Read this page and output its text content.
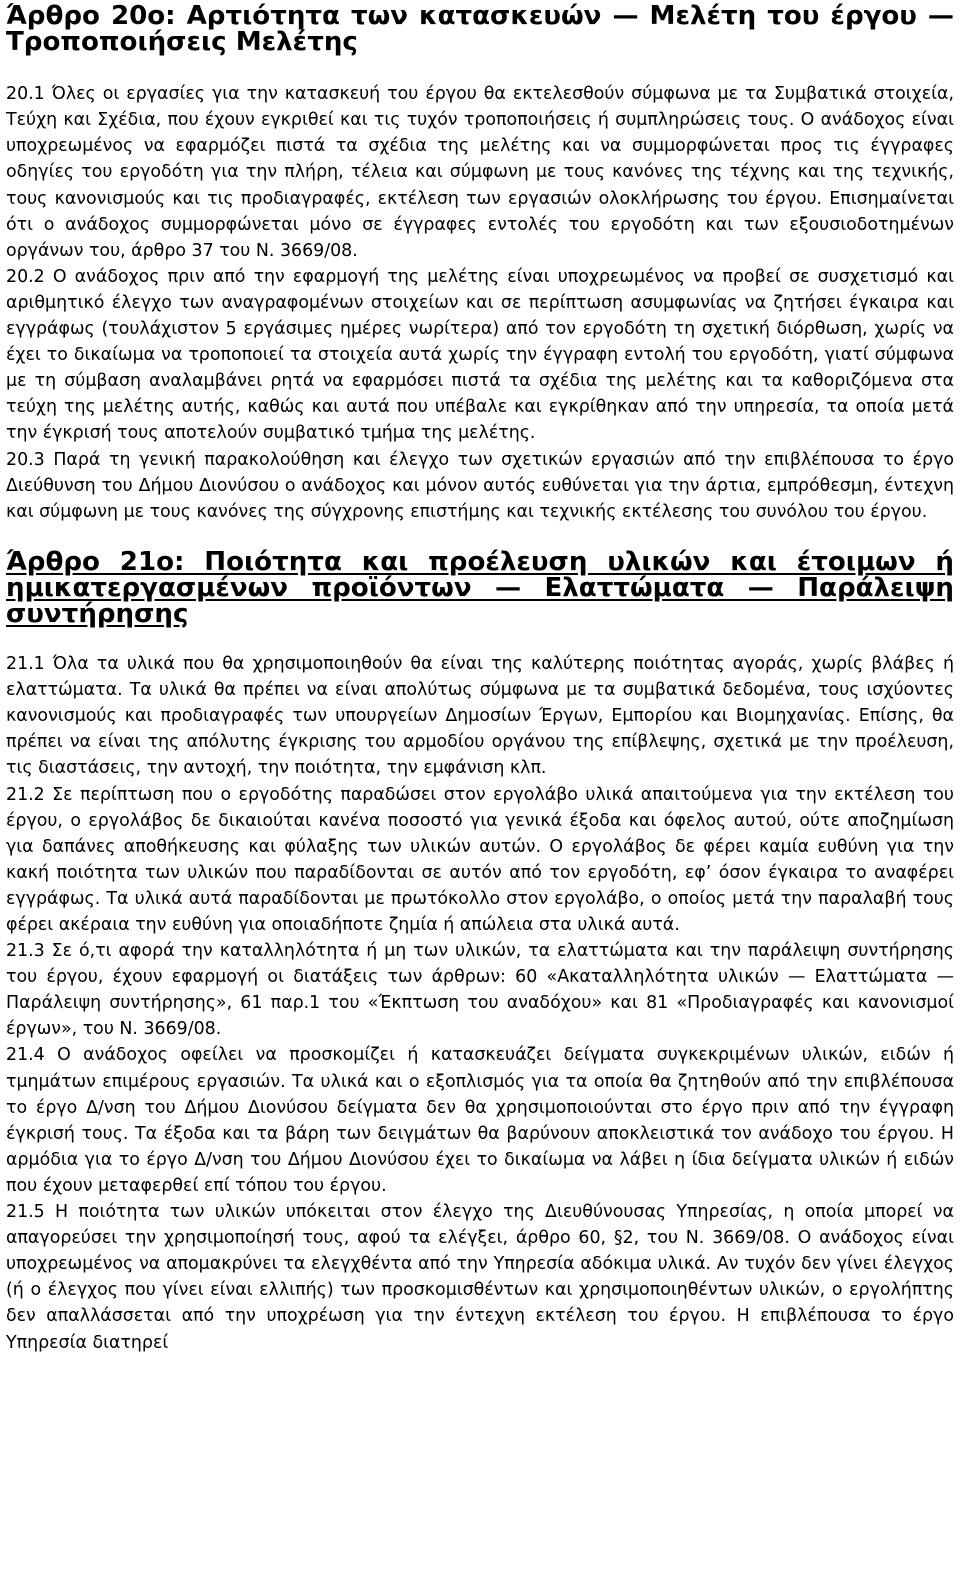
Άρθρο 20ο: Αρτιότητα των κατασκευών — Μελέτη του έργου — Τροποποιήσεις Μελέτης

20.1 Όλες οι εργασίες για την κατασκευή του έργου θα εκτελεσθούν σύμφωνα με τα Συμβατικά στοιχεία, Τεύχη και Σχέδια, που έχουν εγκριθεί και τις τυχόν τροποποιήσεις ή συμπληρώσεις τους. Ο ανάδοχος είναι υποχρεωμένος να εφαρμόζει πιστά τα σχέδια της μελέτης και να συμμορφώνεται προς τις έγγραφες οδηγίες του εργοδότη για την πλήρη, τέλεια και σύμφωνη με τους κανόνες της τέχνης και της τεχνικής, τους κανονισμούς και τις προδιαγραφές, εκτέλεση των εργασιών ολοκλήρωσης του έργου. Επισημαίνεται ότι ο ανάδοχος συμμορφώνεται μόνο σε έγγραφες εντολές του εργοδότη και των εξουσιοδοτημένων οργάνων του, άρθρο 37 του Ν. 3669/08.

20.2 Ο ανάδοχος πριν από την εφαρμογή της μελέτης είναι υποχρεωμένος να προβεί σε συσχετισμό και αριθμητικό έλεγχο των αναγραφομένων στοιχείων και σε περίπτωση ασυμφωνίας να ζητήσει έγκαιρα και εγγράφως (τουλάχιστον 5 εργάσιμες ημέρες νωρίτερα) από τον εργοδότη τη σχετική διόρθωση, χωρίς να έχει το δικαίωμα να τροποποιεί τα στοιχεία αυτά χωρίς την έγγραφη εντολή του εργοδότη, γιατί σύμφωνα με τη σύμβαση αναλαμβάνει ρητά να εφαρμόσει πιστά τα σχέδια της μελέτης και τα καθοριζόμενα στα τεύχη της μελέτης αυτής, καθώς και αυτά που υπέβαλε και εγκρίθηκαν από την υπηρεσία, τα οποία μετά την έγκρισή τους αποτελούν συμβατικό τμήμα της μελέτης.

20.3 Παρά τη γενική παρακολούθηση και έλεγχο των σχετικών εργασιών από την επιβλέπουσα το έργο Διεύθυνση του Δήμου Διονύσου ο ανάδοχος και μόνον αυτός ευθύνεται για την άρτια, εμπρόθεσμη, έντεχνη και σύμφωνη με τους κανόνες της σύγχρονης επιστήμης και τεχνικής εκτέλεσης του συνόλου του έργου.

Άρθρο 21ο: Ποιότητα και προέλευση υλικών και έτοιμων ή ημικατεργασμένων προϊόντων — Ελαττώματα — Παράλειψη συντήρησης

21.1 Όλα τα υλικά που θα χρησιμοποιηθούν θα είναι της καλύτερης ποιότητας αγοράς, χωρίς βλάβες ή ελαττώματα. Τα υλικά θα πρέπει να είναι απολύτως σύμφωνα με τα συμβατικά δεδομένα, τους ισχύοντες κανονισμούς και προδιαγραφές των υπουργείων Δημοσίων Έργων, Εμπορίου και Βιομηχανίας. Επίσης, θα πρέπει να είναι της απόλυτης έγκρισης του αρμοδίου οργάνου της επίβλεψης, σχετικά με την προέλευση, τις διαστάσεις, την αντοχή, την ποιότητα, την εμφάνιση κλπ.

21.2 Σε περίπτωση που ο εργοδότης παραδώσει στον εργολάβο υλικά απαιτούμενα για την εκτέλεση του έργου, ο εργολάβος δε δικαιούται κανένα ποσοστό για γενικά έξοδα και όφελος αυτού, ούτε αποζημίωση για δαπάνες αποθήκευσης και φύλαξης των υλικών αυτών. Ο εργολάβος δε φέρει καμία ευθύνη για την κακή ποιότητα των υλικών που παραδίδονται σε αυτόν από τον εργοδότη, εφ’ όσον έγκαιρα το αναφέρει εγγράφως. Τα υλικά αυτά παραδίδονται με πρωτόκολλο στον εργολάβο, ο οποίος μετά την παραλαβή τους φέρει ακέραια την ευθύνη για οποιαδήποτε ζημία ή απώλεια στα υλικά αυτά.

21.3 Σε ό,τι αφορά την καταλληλότητα ή μη των υλικών, τα ελαττώματα και την παράλειψη συντήρησης του έργου, έχουν εφαρμογή οι διατάξεις των άρθρων: 60 «Ακαταλληλότητα υλικών — Ελαττώματα — Παράλειψη συντήρησης», 61 παρ.1 του «Έκπτωση του αναδόχου» και 81 «Προδιαγραφές και κανονισμοί έργων», του Ν. 3669/08.

21.4 Ο ανάδοχος οφείλει να προσκομίζει ή κατασκευάζει δείγματα συγκεκριμένων υλικών, ειδών ή τμημάτων επιμέρους εργασιών. Τα υλικά και ο εξοπλισμός για τα οποία θα ζητηθούν από την επιβλέπουσα το έργο Δ/νση του Δήμου Διονύσου δείγματα δεν θα χρησιμοποιούνται στο έργο πριν από την έγγραφη έγκρισή τους. Τα έξοδα και τα βάρη των δειγμάτων θα βαρύνουν αποκλειστικά τον ανάδοχο του έργου. Η αρμόδια για το έργο Δ/νση του Δήμου Διονύσου έχει το δικαίωμα να λάβει η ίδια δείγματα υλικών ή ειδών που έχουν μεταφερθεί επί τόπου του έργου.

21.5 Η ποιότητα των υλικών υπόκειται στον έλεγχο της Διευθύνουσας Υπηρεσίας, η οποία μπορεί να απαγορεύσει την χρησιμοποίησή τους, αφού τα ελέγξει, άρθρο 60, §2, του Ν. 3669/08. Ο ανάδοχος είναι υποχρεωμένος να απομακρύνει τα ελεγχθέντα από την Υπηρεσία αδόκιμα υλικά. Αν τυχόν δεν γίνει έλεγχος (ή ο έλεγχος που γίνει είναι ελλιπής) των προσκομισθέντων και χρησιμοποιηθέντων υλικών, ο εργολήπτης δεν απαλλάσσεται από την υποχρέωση για την έντεχνη εκτέλεση του έργου. Η επιβλέπουσα το έργο Υπηρεσία διατηρεί
